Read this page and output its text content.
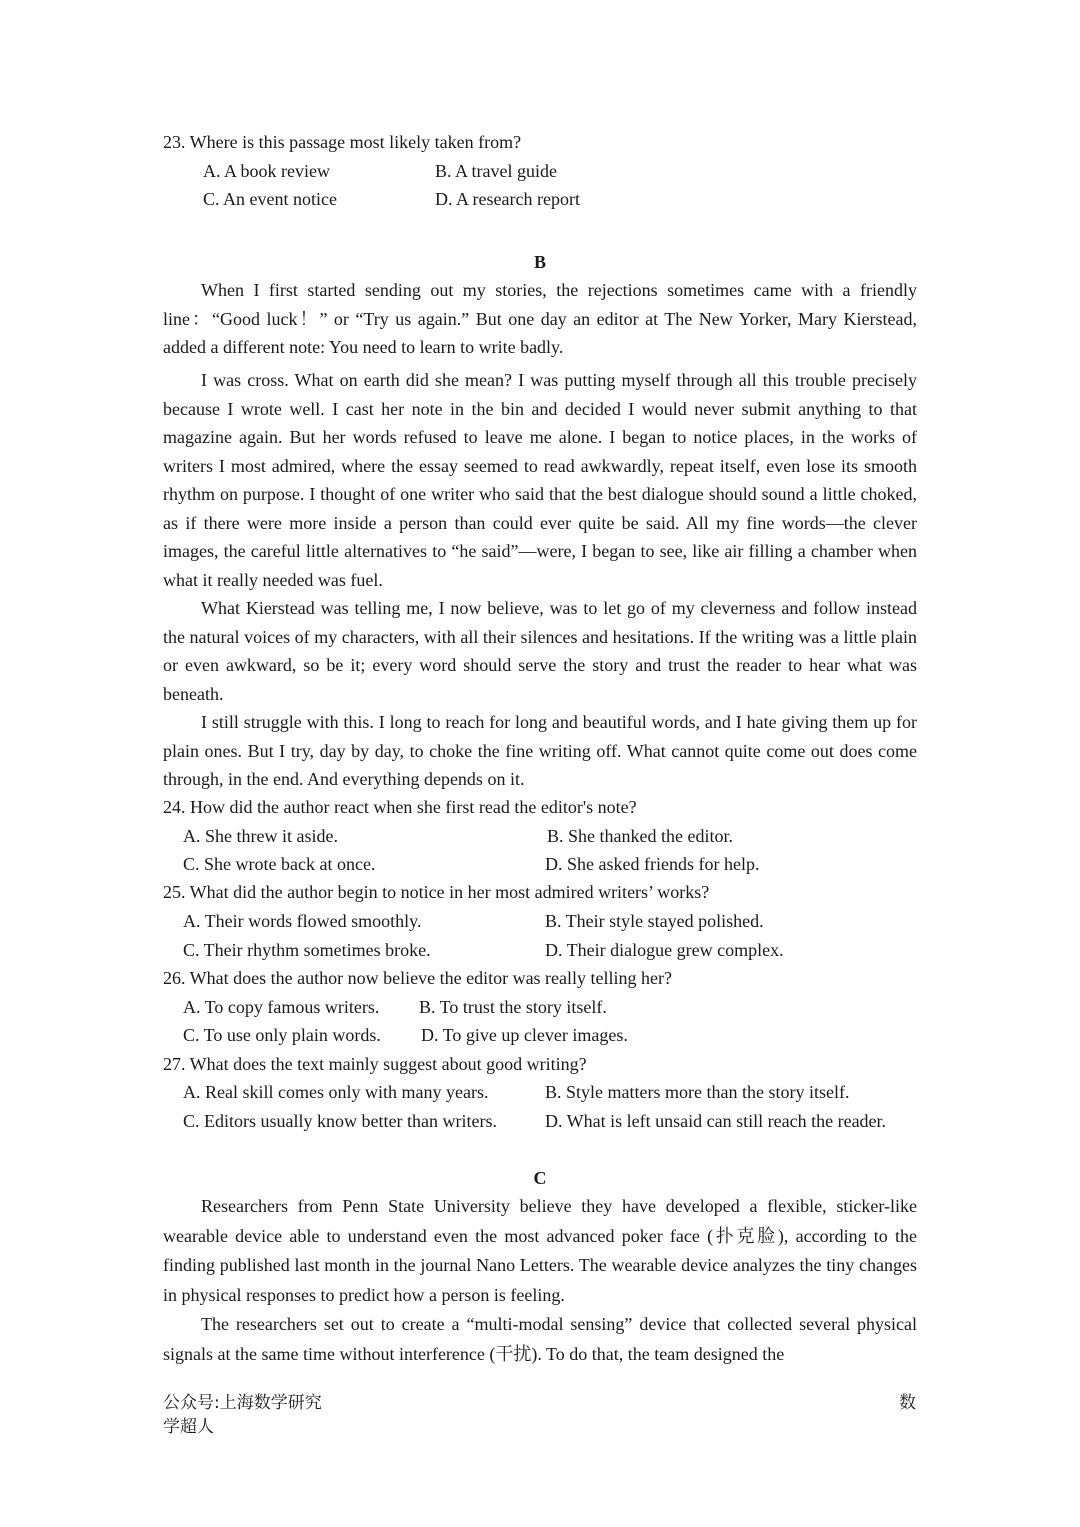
23. Where is this passage most likely taken from?
A. A book review	B. A travel guide
C. An event notice	D. A research report
B
When I first started sending out my stories, the rejections sometimes came with a friendly line：“Good luck！” or “Try us again.” But one day an editor at The New Yorker, Mary Kierstead, added a different note: You need to learn to write badly.
I was cross. What on earth did she mean? I was putting myself through all this trouble precisely because I wrote well. I cast her note in the bin and decided I would never submit anything to that magazine again. But her words refused to leave me alone. I began to notice places, in the works of writers I most admired, where the essay seemed to read awkwardly, repeat itself, even lose its smooth rhythm on purpose. I thought of one writer who said that the best dialogue should sound a little choked, as if there were more inside a person than could ever quite be said. All my fine words—the clever images, the careful little alternatives to “he said”—were, I began to see, like air filling a chamber when what it really needed was fuel.
What Kierstead was telling me, I now believe, was to let go of my cleverness and follow instead the natural voices of my characters, with all their silences and hesitations. If the writing was a little plain or even awkward, so be it; every word should serve the story and trust the reader to hear what was beneath.
I still struggle with this. I long to reach for long and beautiful words, and I hate giving them up for plain ones. But I try, day by day, to choke the fine writing off. What cannot quite come out does come through, in the end. And everything depends on it.
24. How did the author react when she first read the editor's note?
A. She threw it aside.	B. She thanked the editor.
C. She wrote back at once.	D. She asked friends for help.
25. What did the author begin to notice in her most admired writers’ works?
A. Their words flowed smoothly.	B. Their style stayed polished.
C. Their rhythm sometimes broke.	D. Their dialogue grew complex.
26. What does the author now believe the editor was really telling her?
A. To copy famous writers. B. To trust the story itself.
C. To use only plain words. D. To give up clever images.
27. What does the text mainly suggest about good writing?
A. Real skill comes only with many years.	B. Style matters more than the story itself.
C. Editors usually know better than writers.	D. What is left unsaid can still reach the reader.
C
Researchers from Penn State University believe they have developed a flexible, sticker-like wearable device able to understand even the most advanced poker face (扑克脸), according to the finding published last month in the journal Nano Letters. The wearable device analyzes the tiny changes in physical responses to predict how a person is feeling.
The researchers set out to create a “multi-modal sensing” device that collected several physical signals at the same time without interference (干扰). To do that, the team designed the
公众号:上海数学研究
学超人
数
